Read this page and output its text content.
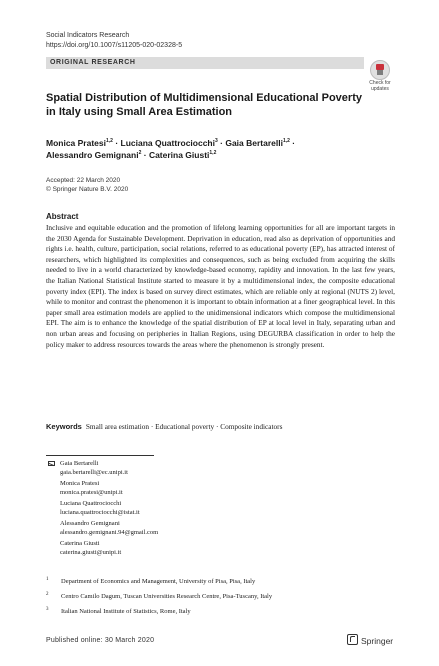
Social Indicators Research
https://doi.org/10.1007/s11205-020-02328-5
ORIGINAL RESEARCH
Check for
updates
Spatial Distribution of Multidimensional Educational Poverty in Italy using Small Area Estimation
Monica Pratesi$^{1,2}$ · Luciana Quattrociocchi$^3$ · Gaia Bertarelli$^{1,2}$ ·
Alessandro Gemignani$^2$ · Caterina Giusti$^{1,2}$
Accepted: 22 March 2020
© Springer Nature B.V. 2020
Abstract
Inclusive and equitable education and the promotion of lifelong learning opportunities for all are important targets in the 2030 Agenda for Sustainable Development. Deprivation in education, read also as deprivation of opportunities and rights i.e. health, culture, participation, social relations, referred to as educational poverty (EP), has attracted interest of researchers, which highlighted its complexities and consequences, such as being excluded from acquiring the skills needed to live in a world characterized by knowledge-based economy, rapidity and innovation. In the last few years, the Italian National Statistical Institute started to measure it by a multidimensional index, the composite educational poverty index (EPI). The index is based on survey direct estimates, which are reliable only at regional (NUTS 2) level, while to monitor and contrast the phenomenon it is important to obtain information at a finer geographical level. In this paper small area estimation models are applied to the unidimensional indicators which compose the multidimensional EPI. The aim is to enhance the knowledge of the spatial distribution of EP at local level in Italy, separating urban and non urban areas and focusing on peripheries in Italian Regions, using DEGURBA classification in order to help the policy maker to address resources towards the areas where the phenomenon is strongly present.
Keywords Small area estimation · Educational poverty · Composite indicators
Gaia Bertarelli
gaia.bertarelli@ec.unipi.it
Monica Pratesi
monica.pratesi@unipi.it
Luciana Quattrociocchi
luciana.quattrociocchi@istat.it
Alessandro Gemignani
alessandro.gemignani.94@gmail.com
Caterina Giusti
caterina.giusti@unipi.it
1 Department of Economics and Management, University of Pisa, Pisa, Italy
2 Centro Camilo Dagum, Tuscan Universities Research Centre, Pisa-Tuscany, Italy
3 Italian National Institute of Statistics, Rome, Italy
Published online: 30 March 2020	Springer
